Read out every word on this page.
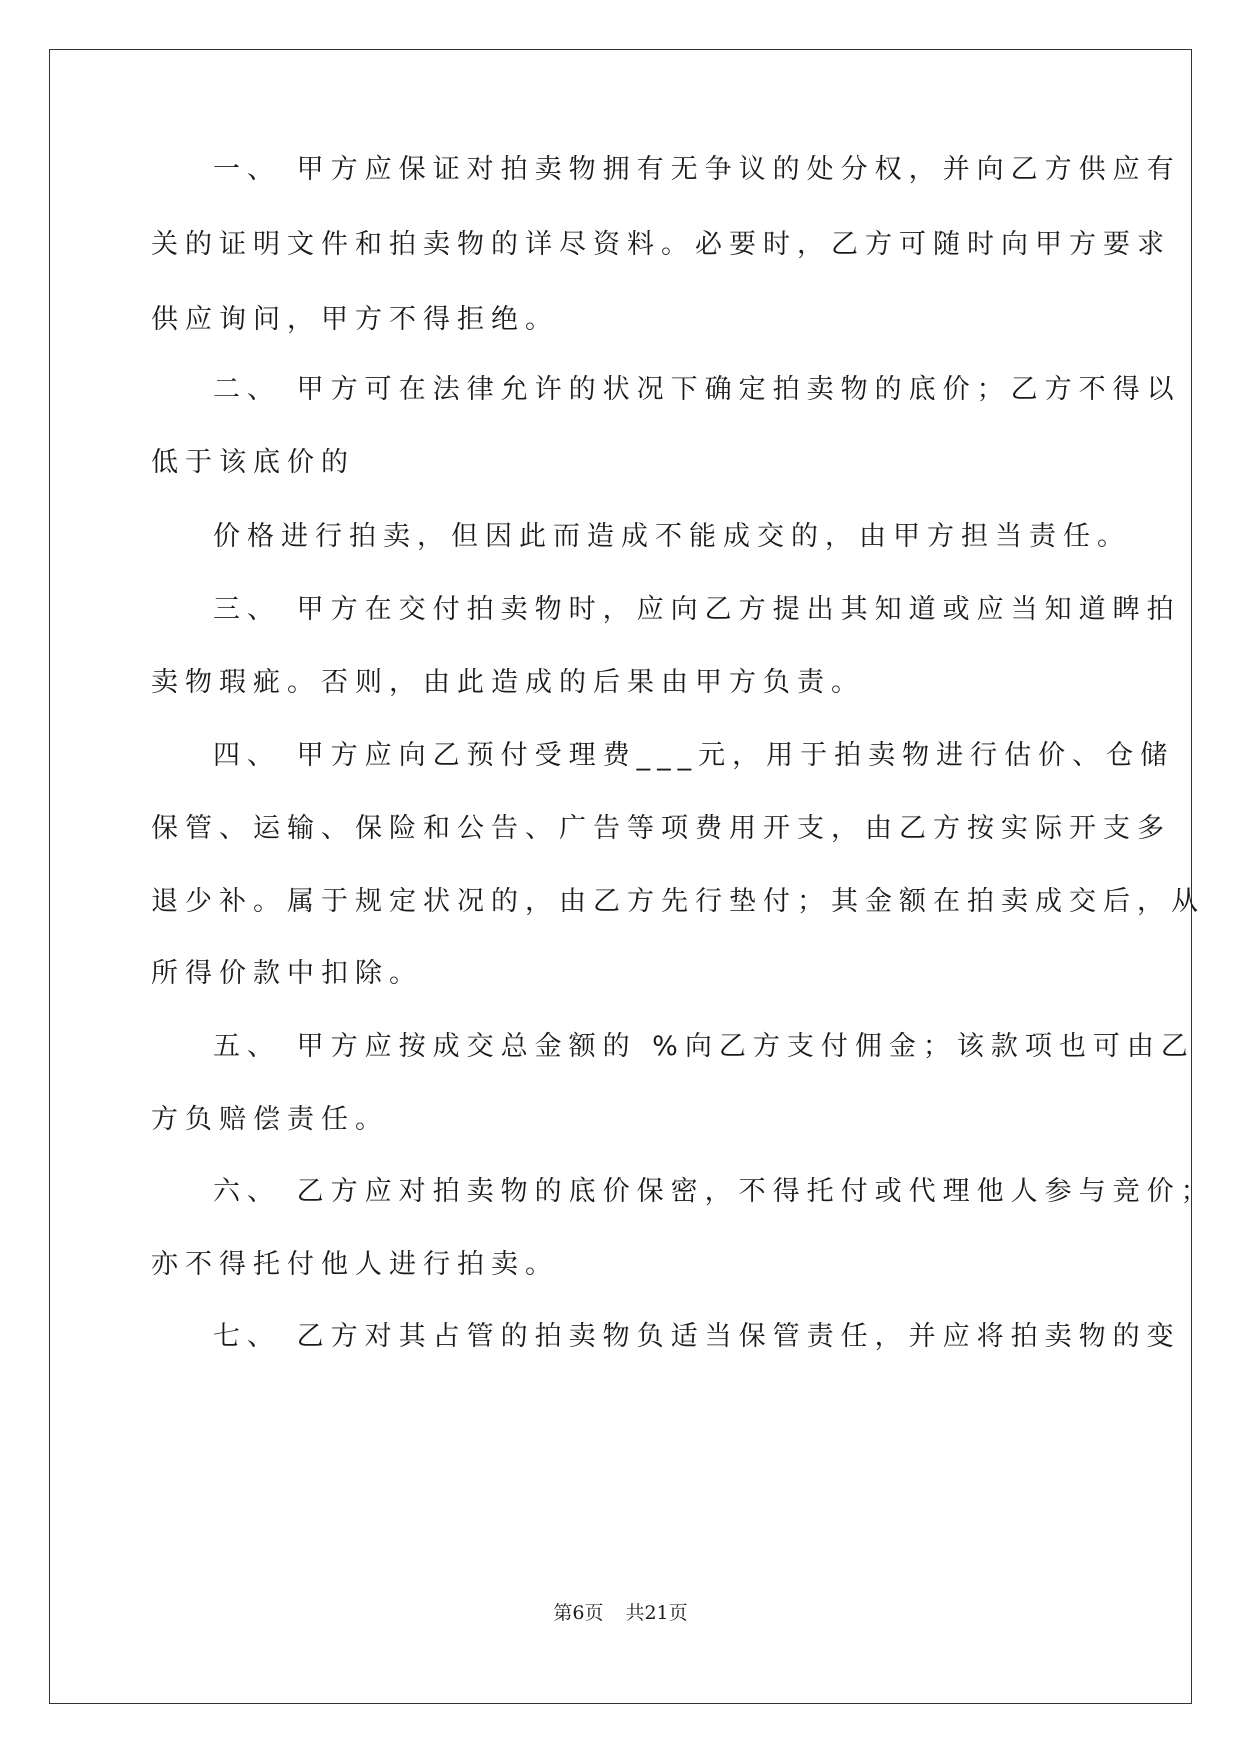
一、 甲方应保证对拍卖物拥有无争议的处分权，并向乙方供应有
关的证明文件和拍卖物的详尽资料。必要时，乙方可随时向甲方要求
供应询问，甲方不得拒绝。
二、 甲方可在法律允许的状况下确定拍卖物的底价；乙方不得以
低于该底价的
价格进行拍卖，但因此而造成不能成交的，由甲方担当责任。
三、 甲方在交付拍卖物时，应向乙方提出其知道或应当知道睥拍
卖物瑕疵。否则，由此造成的后果由甲方负责。
四、 甲方应向乙预付受理费___元，用于拍卖物进行估价、仓储
保管、运输、保险和公告、广告等项费用开支，由乙方按实际开支多
退少补。属于规定状况的，由乙方先行垫付；其金额在拍卖成交后，从
所得价款中扣除。
五、 甲方应按成交总金额的 %向乙方支付佣金；该款项也可由乙
方负赔偿责任。
六、 乙方应对拍卖物的底价保密，不得托付或代理他人参与竞价；
亦不得托付他人进行拍卖。
七、 乙方对其占管的拍卖物负适当保管责任，并应将拍卖物的变
第6页 共21页
